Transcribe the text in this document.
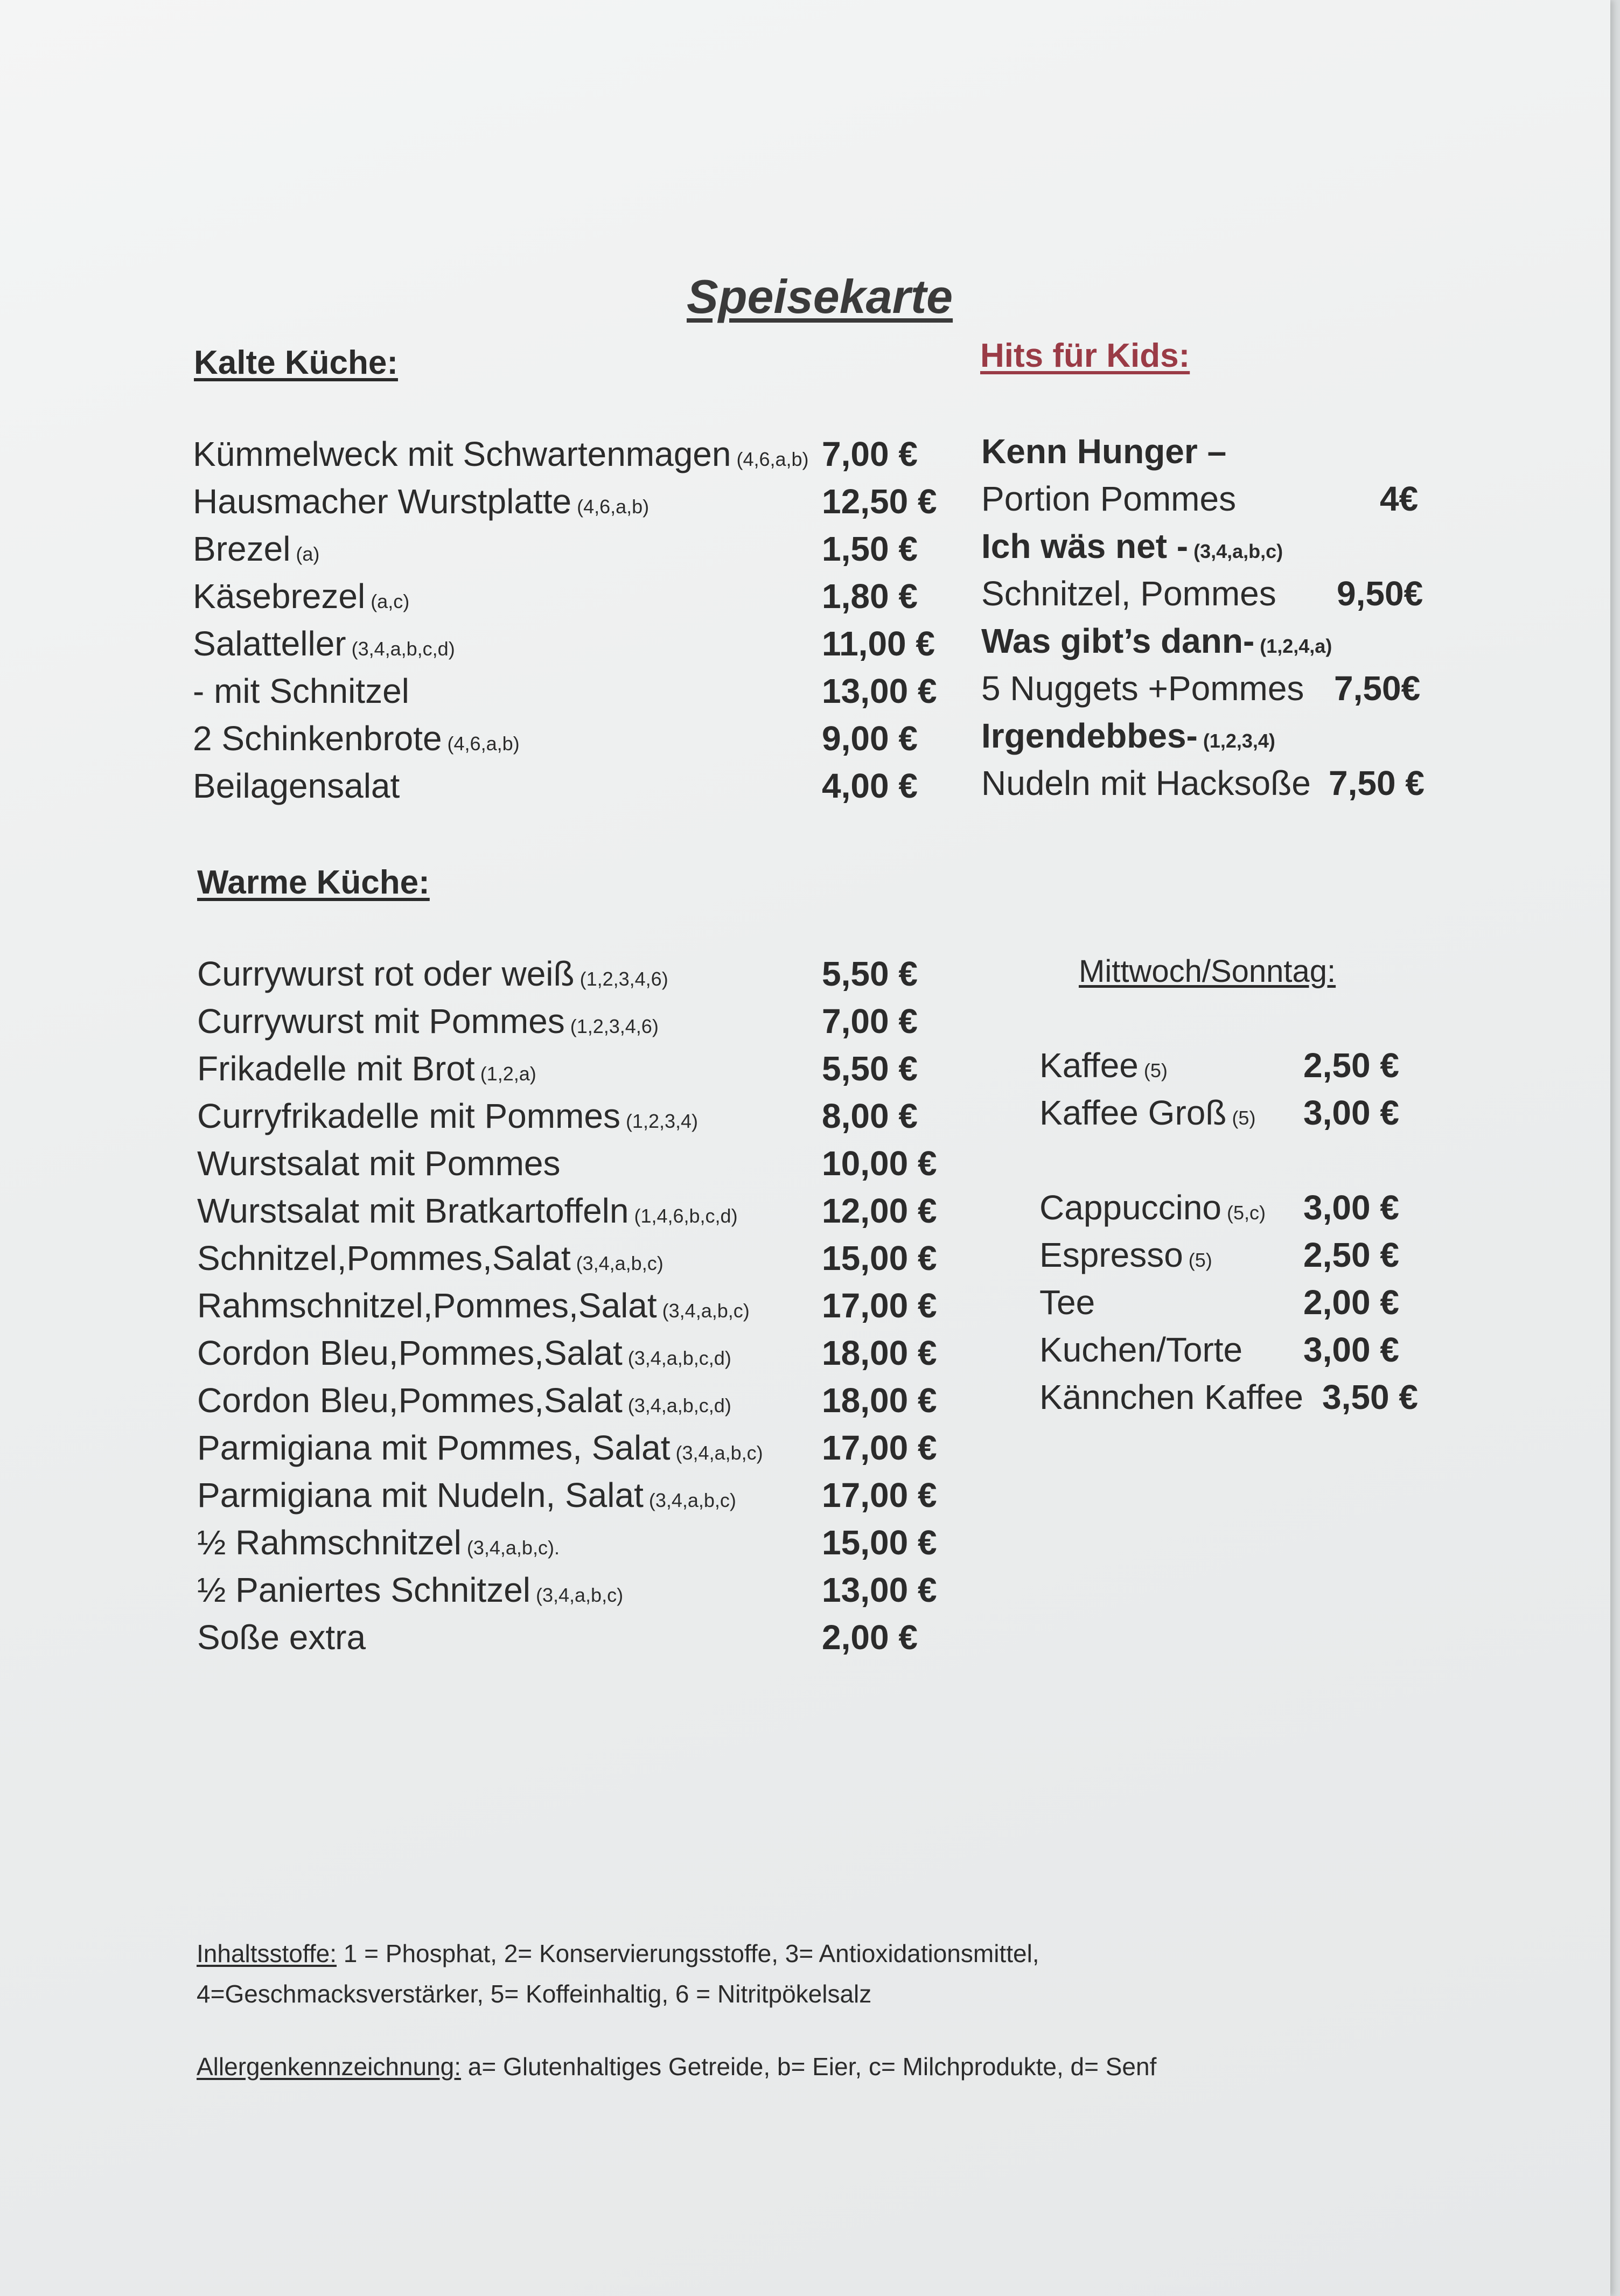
Speisekarte
Kalte Küche:	Hits für Kids:
Kümmelweck mit Schwartenmagen (4,6,a,b) 7,00 €
Hausmacher Wurstplatte (4,6,a,b)	12,50 €
Brezel (a)	1,50 €
Käsebrezel (a,c)	1,80 €
Salatteller (3,4,a,b,c,d)	11,00 €
- mit Schnitzel	13,00 €
2 Schinkenbrote (4,6,a,b)	9,00 €
Beilagensalat	4,00 €
Kenn Hunger –
Portion Pommes	4€
Ich wäs net - (3,4,a,b,c)
Schnitzel, Pommes 9,50€
Was gibt’s dann- (1,2,4,a)
5 Nuggets +Pommes 7,50€
Irgendebbes- (1,2,3,4)
Nudeln mit Hacksoße 7,50 €
Warme Küche:
Currywurst rot oder weiß (1,2,3,4,6)	5,50 €
Currywurst mit Pommes (1,2,3,4,6)	7,00 €
Frikadelle mit Brot (1,2,a)	5,50 €
Curryfrikadelle mit Pommes (1,2,3,4)	8,00 €
Wurstsalat mit Pommes	10,00 €
Wurstsalat mit Bratkartoffeln (1,4,6,b,c,d) 12,00 €
Schnitzel,Pommes,Salat (3,4,a,b,c)	15,00 €
Rahmschnitzel,Pommes,Salat (3,4,a,b,c) 17,00 €
Cordon Bleu,Pommes,Salat (3,4,a,b,c,d)	18,00 €
Cordon Bleu,Pommes,Salat (3,4,a,b,c,d)	18,00 €
Parmigiana mit Pommes, Salat (3,4,a,b,c) 17,00 €
Parmigiana mit Nudeln, Salat (3,4,a,b,c) 17,00 €
½ Rahmschnitzel (3,4,a,b,c).	15,00 €
½ Paniertes Schnitzel (3,4,a,b,c)	13,00 €
Soße extra	2,00 €
Mittwoch/Sonntag:
Kaffee (5)	2,50 €
Kaffee Groß (5) 3,00 €
Cappuccino (5,c) 3,00 €
Espresso (5)	2,50 €
Tee	2,00 €
Kuchen/Torte 3,00 €
Kännchen Kaffee 3,50 €
Inhaltsstoffe: 1 = Phosphat, 2= Konservierungsstoffe, 3= Antioxidationsmittel,
4=Geschmacksverstärker, 5= Koffeinhaltig, 6 = Nitritpökelsalz
Allergenkennzeichnung: a= Glutenhaltiges Getreide, b= Eier, c= Milchprodukte, d= Senf
